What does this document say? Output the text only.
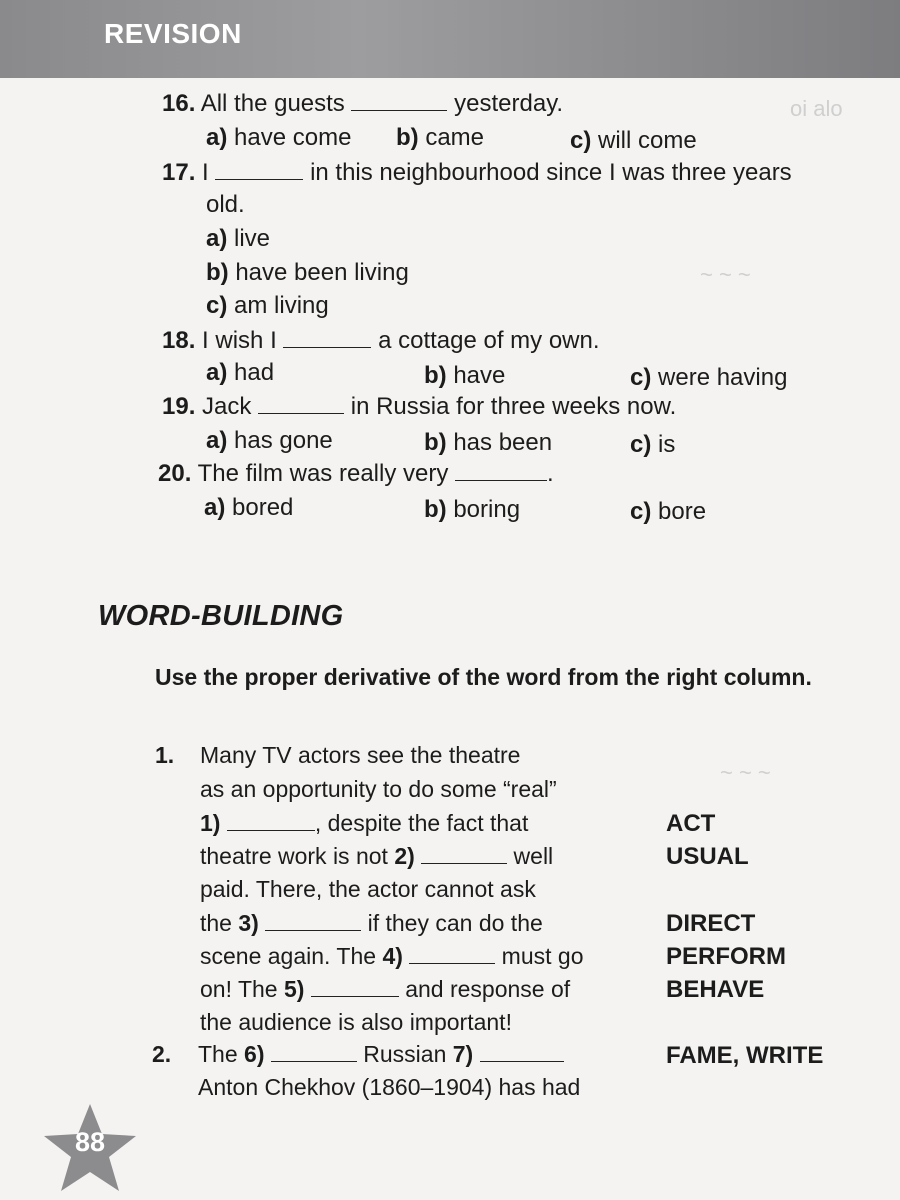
REVISION
oi alo
~ ~ ~
~ ~ ~
16. All the guests	yesterday.
a) have come b) came	c) will come
17. I	in this neighbourhood since I was three years
old.
a) live
b) have been living
c) am living
18. I wish I	a cottage of my own.
a) had	b) have	c) were having
19. Jack	in Russia for three weeks now.
a) has gone	b) has been	c) is
20. The film was really very	.
a) bored	b) boring	c) bore
WORD-BUILDING
Use the proper derivative of the word from the right column.
1. Many TV actors see the theatre
as an opportunity to do some “real”
1)	, despite the fact that
theatre work is not 2)	well
paid. There, the actor cannot ask
the 3)	if they can do the
scene again. The 4)	must go
on! The 5)	and response of
the audience is also important!
ACT
USUAL
DIRECT
PERFORM
BEHAVE
2. The 6)	Russian 7)
Anton Chekhov (1860–1904) has had
FAME, WRITE
88
